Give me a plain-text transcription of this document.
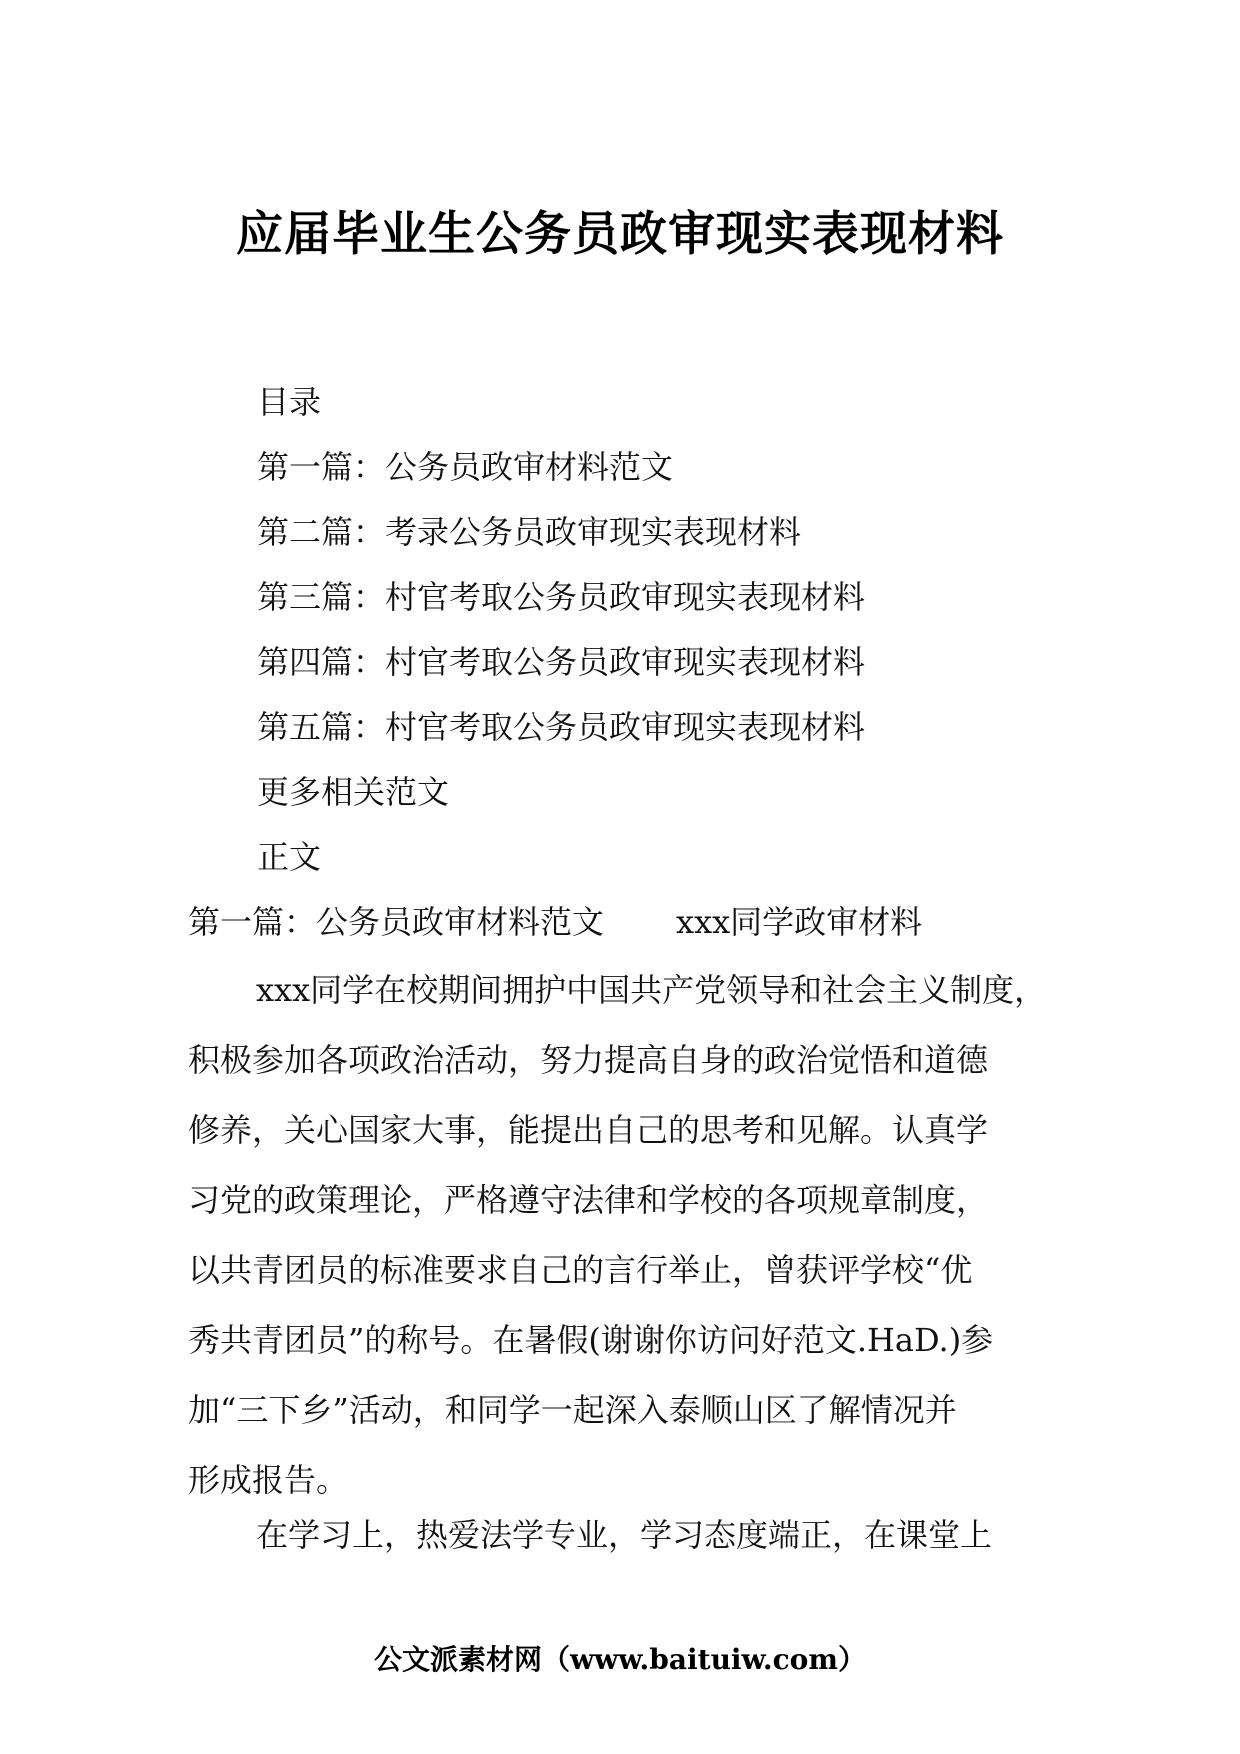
应届毕业生公务员政审现实表现材料
目录
第一篇：公务员政审材料范文
第二篇：考录公务员政审现实表现材料
第三篇：村官考取公务员政审现实表现材料
第四篇：村官考取公务员政审现实表现材料
第五篇：村官考取公务员政审现实表现材料
更多相关范文
正文
第一篇：公务员政审材料范文 xxx同学政审材料
xxx同学在校期间拥护中国共产党领导和社会主义制度，
积极参加各项政治活动，努力提高自身的政治觉悟和道德
修养，关心国家大事，能提出自己的思考和见解。认真学
习党的政策理论，严格遵守法律和学校的各项规章制度，
以共青团员的标准要求自己的言行举止，曾获评学校“优
秀共青团员”的称号。在暑假(谢谢你访问好范文.HaD.)参
加“三下乡”活动，和同学一起深入泰顺山区了解情况并
形成报告。
在学习上，热爱法学专业，学习态度端正，在课堂上
公文派素材网（www.baituiw.com）
